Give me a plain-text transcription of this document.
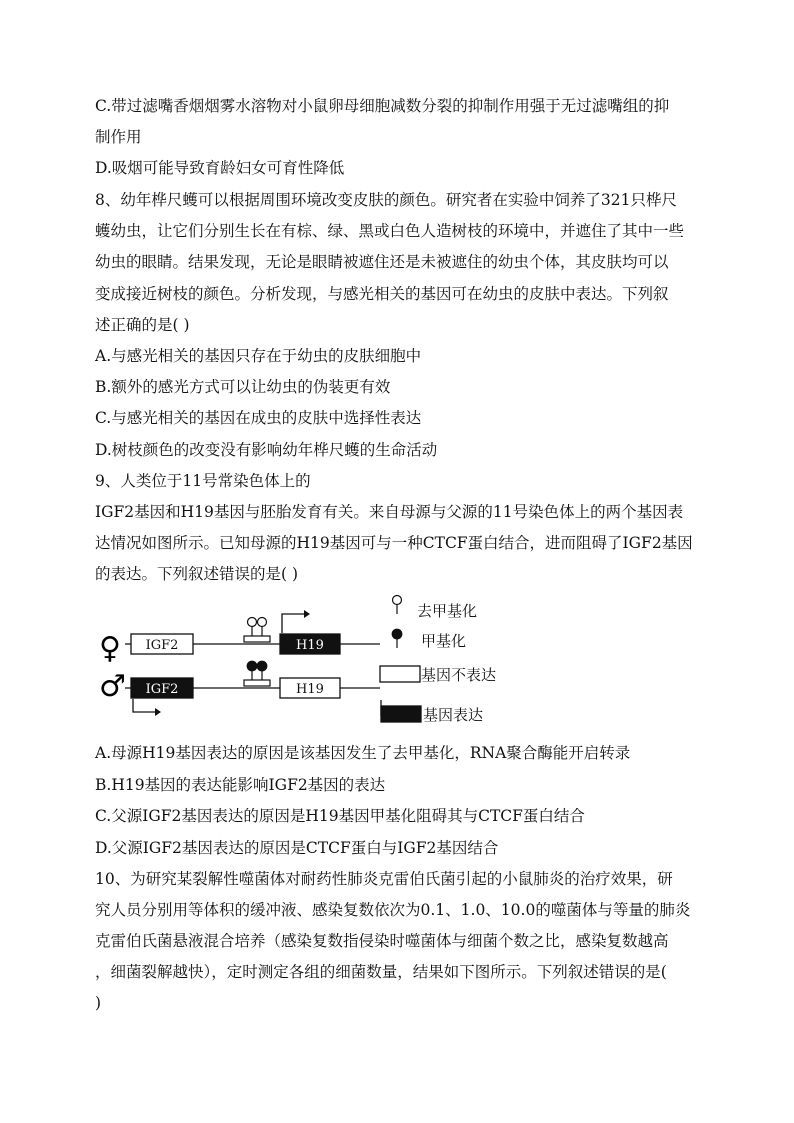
C.带过滤嘴香烟烟雾水溶物对小鼠卵母细胞减数分裂的抑制作用强于无过滤嘴组的抑
制作用
D.吸烟可能导致育龄妇女可育性降低
8、幼年桦尺蠖可以根据周围环境改变皮肤的颜色。研究者在实验中饲养了321只桦尺
蠖幼虫，让它们分别生长在有棕、绿、黑或白色人造树枝的环境中，并遮住了其中一些
幼虫的眼睛。结果发现，无论是眼睛被遮住还是未被遮住的幼虫个体，其皮肤均可以
变成接近树枝的颜色。分析发现，与感光相关的基因可在幼虫的皮肤中表达。下列叙
述正确的是( )
A.与感光相关的基因只存在于幼虫的皮肤细胞中
B.额外的感光方式可以让幼虫的伪装更有效
C.与感光相关的基因在成虫的皮肤中选择性表达
D.树枝颜色的改变没有影响幼年桦尺蠖的生命活动
9、人类位于11号常染色体上的
IGF2基因和H19基因与胚胎发育有关。来自母源与父源的11号染色体上的两个基因表
达情况如图所示。已知母源的H19基因可与一种CTCF蛋白结合，进而阻碍了IGF2基因
的表达。下列叙述错误的是( )
♀ IGF2	H19
♂ IGF2	H19
去甲基化
甲基化
基因不表达
基因表达
A.母源H19基因表达的原因是该基因发生了去甲基化，RNA聚合酶能开启转录
B.H19基因的表达能影响IGF2基因的表达
C.父源IGF2基因表达的原因是H19基因甲基化阻碍其与CTCF蛋白结合
D.父源IGF2基因表达的原因是CTCF蛋白与IGF2基因结合
10、为研究某裂解性噬菌体对耐药性肺炎克雷伯氏菌引起的小鼠肺炎的治疗效果，研
究人员分别用等体积的缓冲液、感染复数依次为0.1、1.0、10.0的噬菌体与等量的肺炎
克雷伯氏菌悬液混合培养（感染复数指侵染时噬菌体与细菌个数之比，感染复数越高
，细菌裂解越快），定时测定各组的细菌数量，结果如下图所示。下列叙述错误的是(
)
